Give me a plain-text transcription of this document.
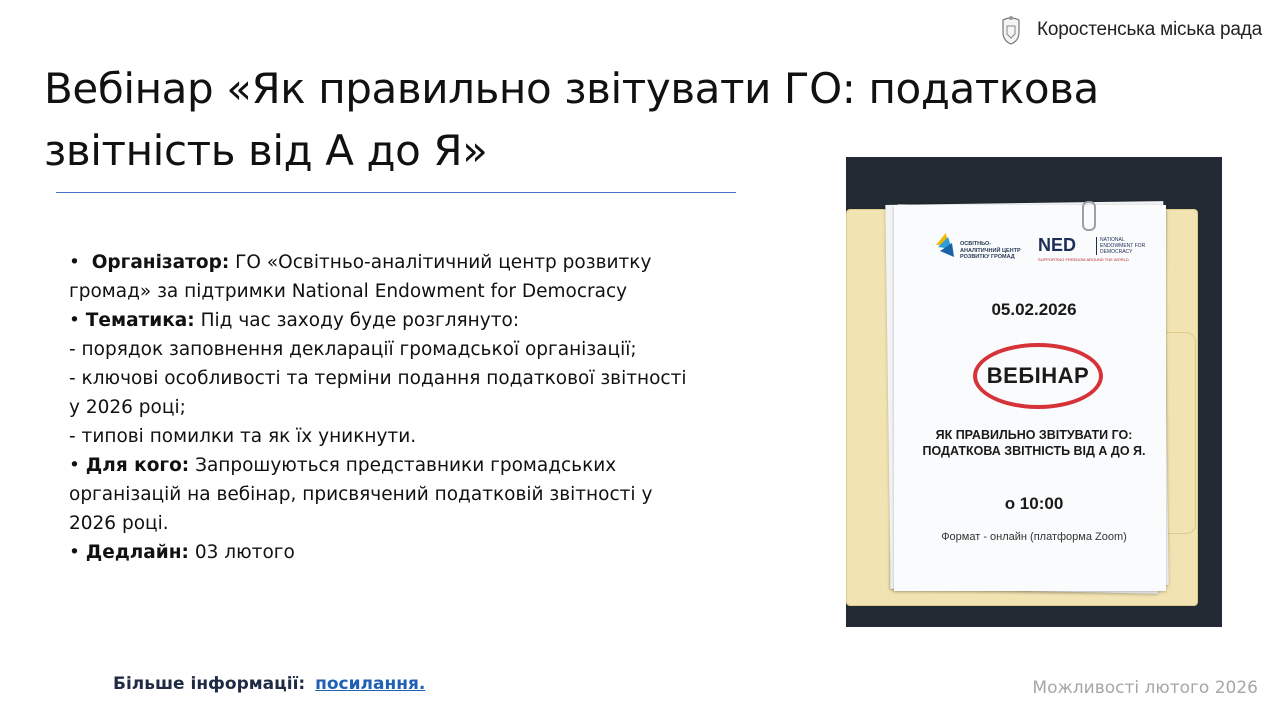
Коростенська міська рада
Вебінар «Як правильно звітувати ГО: податкова
звітність від А до Я»
•  Організатор: ГО «Освітньо-аналітичний центр розвитку
громад» за підтримки National Endowment for Democracy
• Тематика: Під час заходу буде розглянуто:
- порядок заповнення декларації громадської організації;
- ключові особливості та терміни подання податкової звітності
у 2026 році;
- типові помилки та як їх уникнути.
• Для кого: Запрошуються представники громадських
організацій на вебінар, присвячений податковій звітності у
2026 році.
• Дедлайн: 03 лютого
ОСВІТНЬО-АНАЛІТИЧНИЙ ЦЕНТР РОЗВИТКУ ГРОМАД
NED	NATIONAL ENDOWMENT FOR DEMOCRACY
SUPPORTING FREEDOM AROUND THE WORLD
05.02.2026
ВЕБІНАР
ЯК ПРАВИЛЬНО ЗВІТУВАТИ ГО:
ПОДАТКОВА ЗВІТНІСТЬ ВІД А ДО Я.
о 10:00
Формат - онлайн (платформа Zoom)
Більше інформації: посилання.	Можливості лютого 2026
